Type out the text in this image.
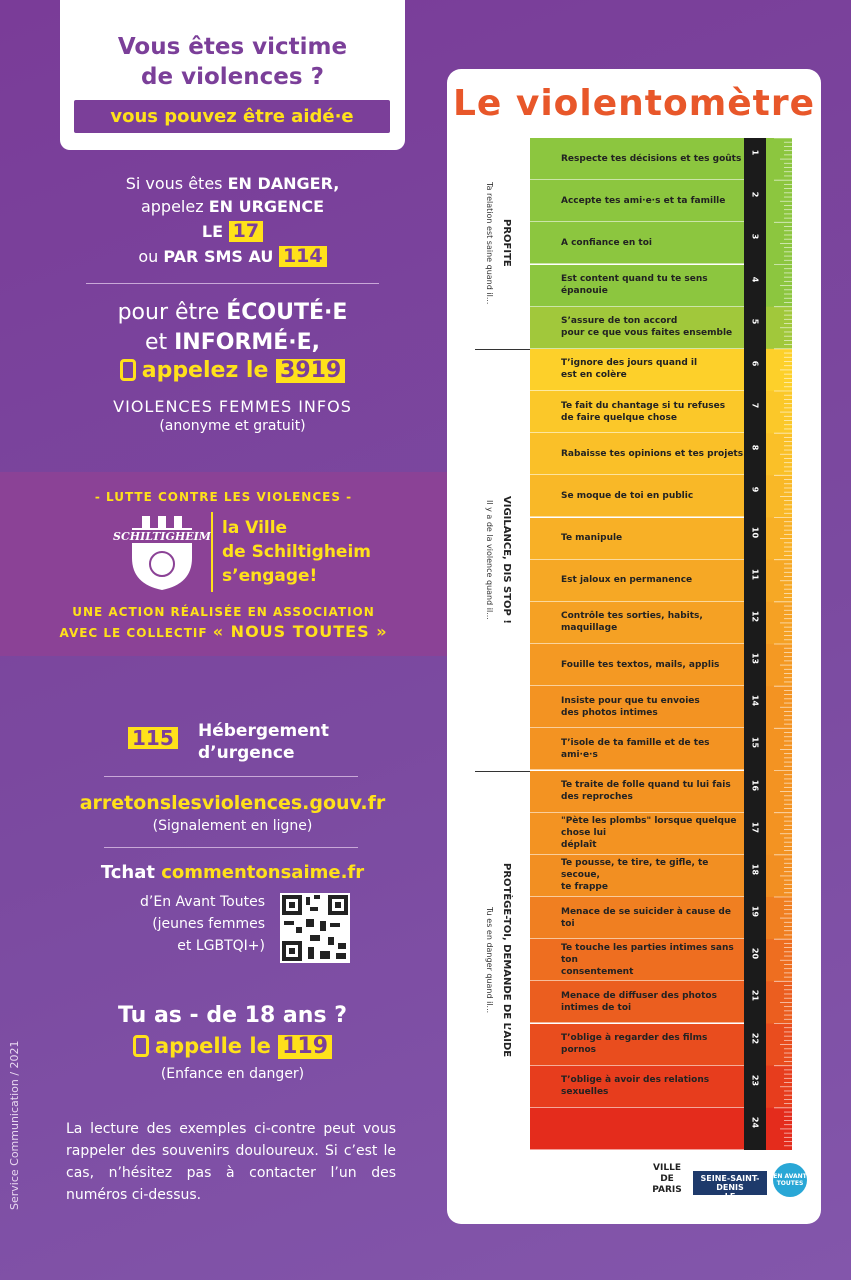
Vous êtes victime
de violences ?
vous pouvez être aidé·e
Si vous êtes EN DANGER,
appelez EN URGENCE
LE 17
ou PAR SMS AU 114
pour être ÉCOUTÉ·E
et INFORMÉ·E,
appelez le 3919
VIOLENCES FEMMES INFOS
(anonyme et gratuit)
- LUTTE CONTRE LES VIOLENCES -
SCHILTIGHEIM la Ville
de Schiltigheim
s’engage!
UNE ACTION RÉALISÉE EN ASSOCIATION
AVEC LE COLLECTIF « NOUS TOUTES »
115 Hébergement
d’urgence
arretonslesviolences.gouv.fr
(Signalement en ligne)
Tchat commentonsaime.fr
d’En Avant Toutes
(jeunes femmes
et LGBTQI+)
Tu as - de 18 ans ?
appelle le 119
(Enfance en danger)
La lecture des exemples ci-contre peut vous rappeler des souvenirs douloureux. Si c’est le cas, n’hésitez pas à contacter l’un des numéros ci-dessus.
Service Communication / 2021
Le violentomètre
Respecte tes décisions et tes goûts
Accepte tes ami·e·s et ta famille
A confiance en toi
Est content quand tu te sens épanouie
S’assure de ton accord
pour ce que vous faites ensemble
T’ignore des jours quand il
est en colère
Te fait du chantage si tu refuses
de faire quelque chose
Rabaisse tes opinions et tes projets
Se moque de toi en public
Te manipule
Est jaloux en permanence
Contrôle tes sorties, habits, maquillage
Fouille tes textos, mails, applis
Insiste pour que tu envoies
des photos intimes
T’isole de ta famille et de tes ami·e·s
Te traite de folle quand tu lui fais
des reproches
"Pète les plombs" lorsque quelque chose lui
déplaît
Te pousse, te tire, te gifle, te secoue,
te frappe
Menace de se suicider à cause de toi
Te touche les parties intimes sans ton
consentement
Menace de diffuser des photos intimes de toi
T’oblige à regarder des films pornos
T’oblige à avoir des relations sexuelles
1
2
3
4
5
6
7
8
9
10
11
12
13
14
15
16
17
18
19
20
21
22
23
24
PROFITE
Ta relation est saine quand il...
VIGILANCE, DIS STOP !
Il y a de la violence quand il...
PROTÈGE-TOI, DEMANDE DE L’AIDE
Tu es en danger quand il...
VILLE DE
PARIS
SEINE-SAINT-DENIS
LE DÉPARTEMENT
EN AVANT
TOUTES
